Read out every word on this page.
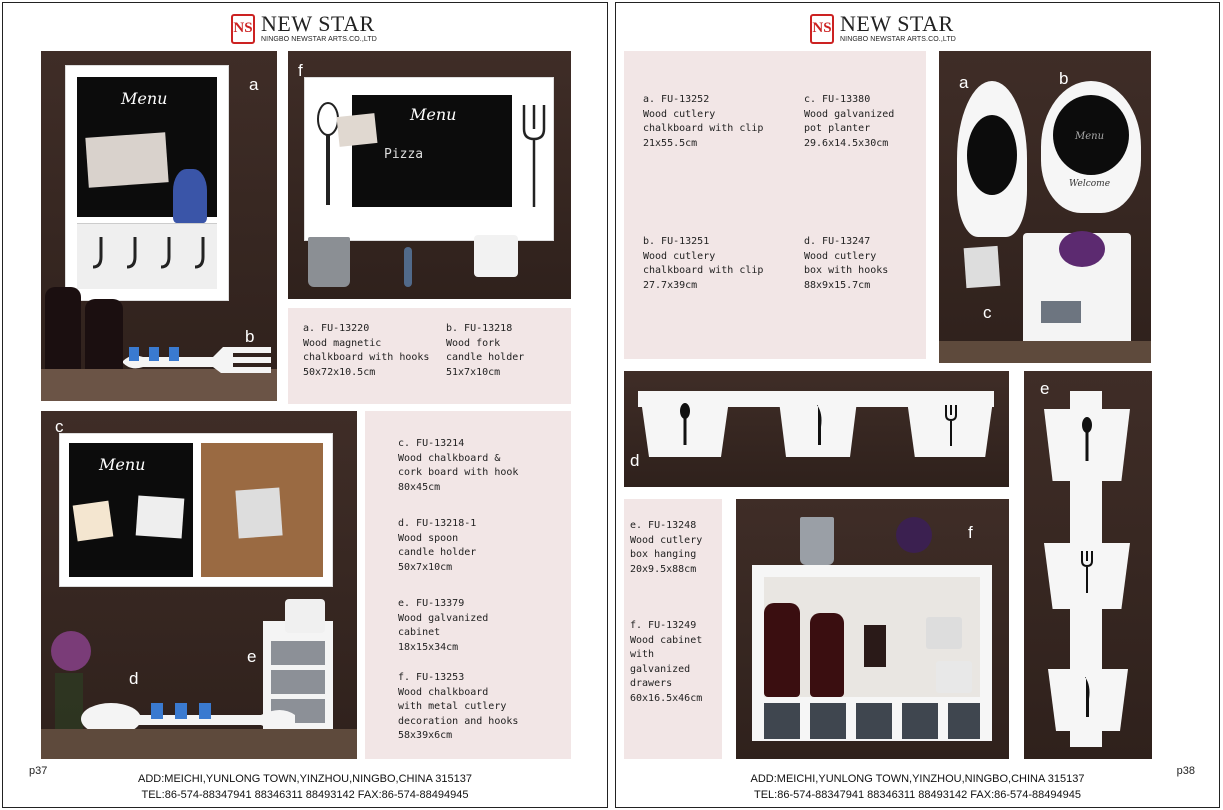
NS NEW STAR
NINGBO NEWSTAR ARTS.CO.,LTD
Menu
a
b
Menu
Pizza
f
a. FU-13220
Wood magnetic
chalkboard with hooks
50x72x10.5cm
b. FU-13218
Wood fork
candle holder
51x7x10cm
Menu
c
d
e
c. FU-13214
Wood chalkboard &
cork board with hook
80x45cm
d. FU-13218-1
Wood spoon
candle holder
50x7x10cm
e. FU-13379
Wood galvanized
cabinet
18x15x34cm
f. FU-13253
Wood chalkboard
with metal cutlery
decoration and hooks
58x39x6cm
p37
ADD:MEICHI,YUNLONG TOWN,YINZHOU,NINGBO,CHINA 315137
TEL:86-574-88347941 88346311 88493142 FAX:86-574-88494945
NS NEW STAR
NINGBO NEWSTAR ARTS.CO.,LTD
a. FU-13252
Wood cutlery
chalkboard with clip
21x55.5cm
c. FU-13380
Wood galvanized
pot planter
29.6x14.5x30cm
b. FU-13251
Wood cutlery
chalkboard with clip
27.7x39cm
d. FU-13247
Wood cutlery
box with hooks
88x9x15.7cm
Menu
Welcome
a	b
c
d
e
e. FU-13248
Wood cutlery
box hanging
20x9.5x88cm
f. FU-13249
Wood cabinet
with
galvanized
drawers
60x16.5x46cm
f
p38
ADD:MEICHI,YUNLONG TOWN,YINZHOU,NINGBO,CHINA 315137
TEL:86-574-88347941 88346311 88493142 FAX:86-574-88494945
